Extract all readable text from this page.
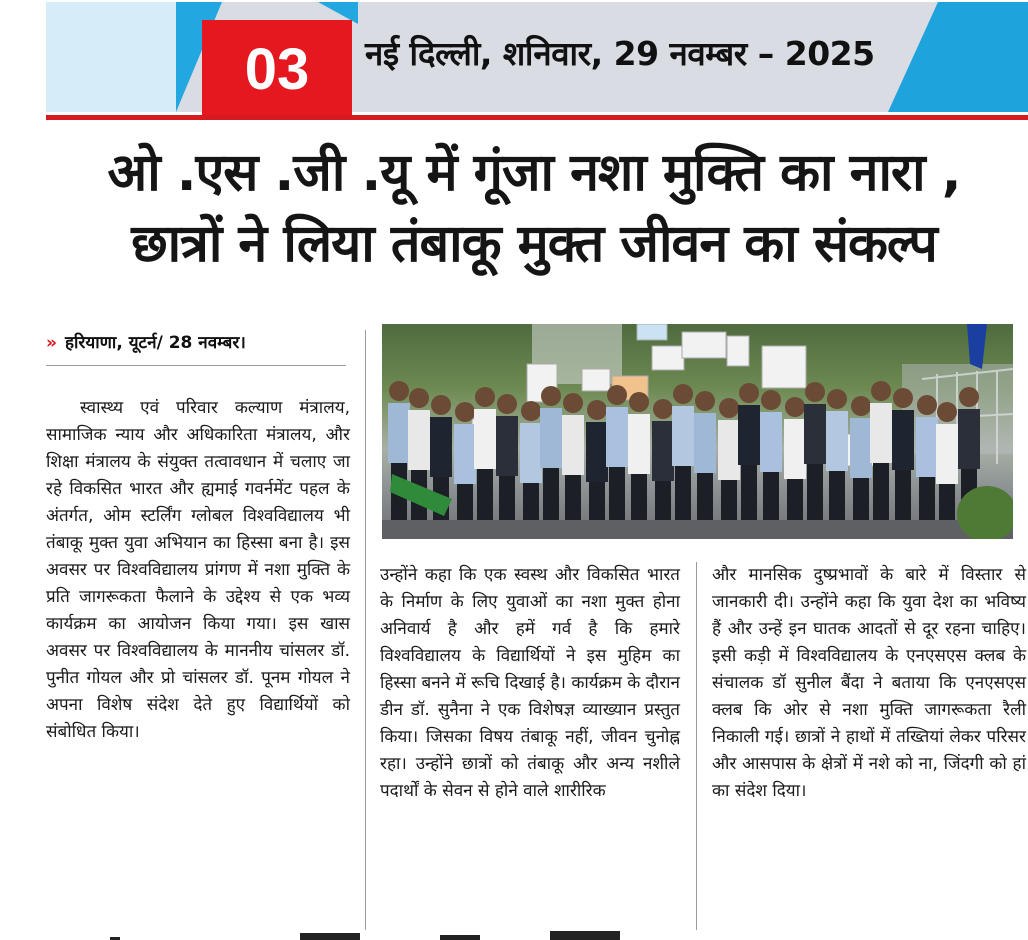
03	नई दिल्ली, शनिवार, 29 नवम्बर – 2025
ओ .एस .जी .यू में गूंजा नशा मुक्ति का नारा ,
छात्रों ने लिया तंबाकू मुक्त जीवन का संकल्प
» हरियाणा, यूटर्न/ 28 नवम्बर।

स्वास्थ्य एवं परिवार कल्याण मंत्रालय, सामाजिक न्याय और अधिकारिता मंत्रालय, और शिक्षा मंत्रालय के संयुक्त तत्वावधान में चलाए जा रहे विकसित भारत और ह्यमाई गवर्नमेंट पहल के अंतर्गत, ओम स्टर्लिंग ग्लोबल विश्वविद्यालय भी तंबाकू मुक्त युवा अभियान का हिस्सा बना है। इस अवसर पर विश्वविद्यालय प्रांगण में नशा मुक्ति के प्रति जागरूकता फैलाने के उद्देश्य से एक भव्य कार्यक्रम का आयोजन किया गया। इस खास अवसर पर विश्वविद्यालय के माननीय चांसलर डॉ. पुनीत गोयल और प्रो चांसलर डॉ. पूनम गोयल ने अपना विशेष संदेश देते हुए विद्यार्थियों को संबोधित किया।

उन्होंने कहा कि एक स्वस्थ और विकसित भारत के निर्माण के लिए युवाओं का नशा मुक्त होना अनिवार्य है और हमें गर्व है कि हमारे विश्वविद्यालय के विद्यार्थियों ने इस मुहिम का हिस्सा बनने में रूचि दिखाई है। कार्यक्रम के दौरान डीन डॉ. सुनैना ने एक विशेषज्ञ व्याख्यान प्रस्तुत किया। जिसका विषय तंबाकू नहीं, जीवन चुनोह्न रहा। उन्होंने छात्रों को तंबाकू और अन्य नशीले पदार्थों के सेवन से होने वाले शारीरिक

और मानसिक दुष्प्रभावों के बारे में विस्तार से जानकारी दी। उन्होंने कहा कि युवा देश का भविष्य हैं और उन्हें इन घातक आदतों से दूर रहना चाहिए। इसी कड़ी में विश्वविद्यालय के एनएसएस क्लब के संचालक डॉ सुनील बैंदा ने बताया कि एनएसएस क्लब कि ओर से नशा मुक्ति जागरूकता रैली निकाली गई। छात्रों ने हाथों में तख्तियां लेकर परिसर और आसपास के क्षेत्रों में नशे को ना, जिंदगी को हां का संदेश दिया।
